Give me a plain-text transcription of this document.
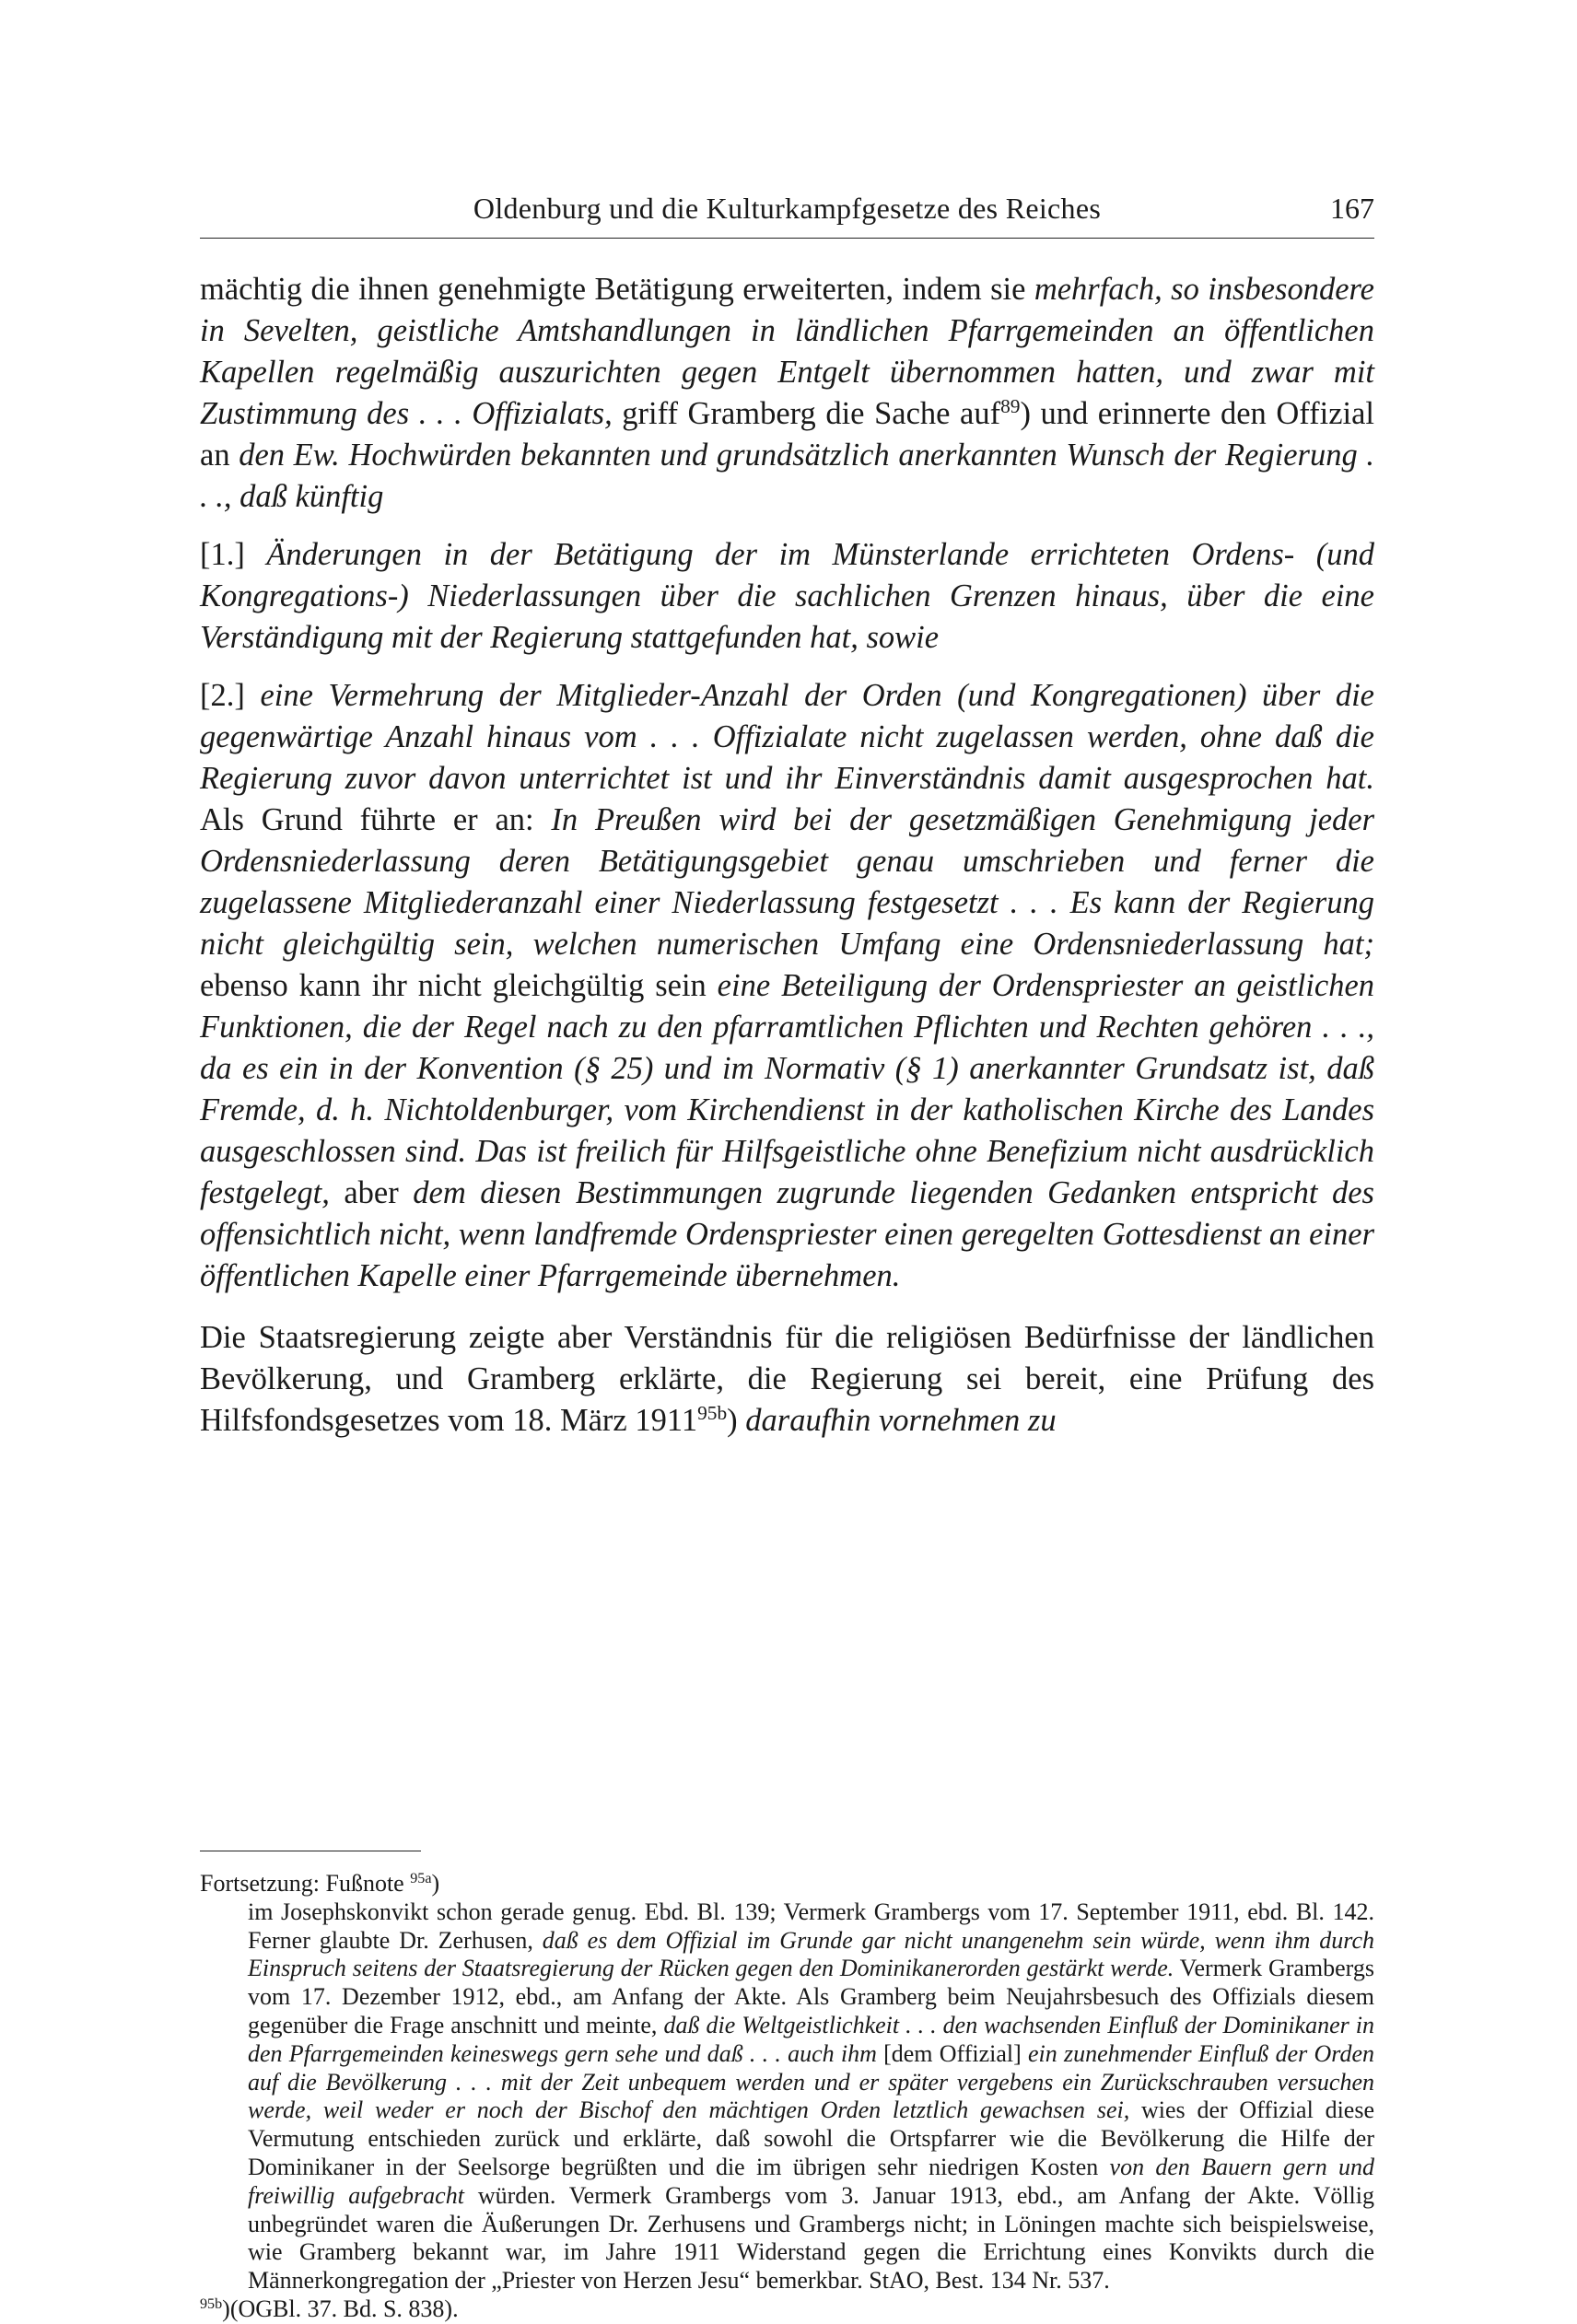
Oldenburg und die Kulturkampfgesetze des Reiches	167

mächtig die ihnen genehmigte Betätigung erweiterten, indem sie mehrfach, so insbesondere in Sevelten, geistliche Amtshandlungen in ländlichen Pfarrgemeinden an öffentlichen Kapellen regelmäßig auszurichten gegen Entgelt übernommen hatten, und zwar mit Zustimmung des . . . Offizialats, griff Gramberg die Sache auf$^{89}$) und erinnerte den Offizial an den Ew. Hochwürden bekannten und grundsätzlich anerkannten Wunsch der Regierung . . ., daß künftig

[1.] Änderungen in der Betätigung der im Münsterlande errichteten Ordens- (und Kongregations-) Niederlassungen über die sachlichen Grenzen hinaus, über die eine Verständigung mit der Regierung stattgefunden hat, sowie

[2.] eine Vermehrung der Mitglieder-Anzahl der Orden (und Kongregationen) über die gegenwärtige Anzahl hinaus vom . . . Offizialate nicht zugelassen werden, ohne daß die Regierung zuvor davon unterrichtet ist und ihr Einverständnis damit ausgesprochen hat. Als Grund führte er an: In Preußen wird bei der gesetzmäßigen Genehmigung jeder Ordensniederlassung deren Betätigungsgebiet genau umschrieben und ferner die zugelassene Mitgliederanzahl einer Niederlassung festgesetzt . . . Es kann der Regierung nicht gleichgültig sein, welchen numerischen Umfang eine Ordensniederlassung hat; ebenso kann ihr nicht gleichgültig sein eine Beteiligung der Ordenspriester an geistlichen Funktionen, die der Regel nach zu den pfarramtlichen Pflichten und Rechten gehören . . ., da es ein in der Konvention (§ 25) und im Normativ (§ 1) anerkannter Grundsatz ist, daß Fremde, d. h. Nichtoldenburger, vom Kirchendienst in der katholischen Kirche des Landes ausgeschlossen sind. Das ist freilich für Hilfsgeistliche ohne Benefizium nicht ausdrücklich festgelegt, aber dem diesen Bestimmungen zugrunde liegenden Gedanken entspricht des offensichtlich nicht, wenn landfremde Ordenspriester einen geregelten Gottesdienst an einer öffentlichen Kapelle einer Pfarrgemeinde übernehmen.

Die Staatsregierung zeigte aber Verständnis für die religiösen Bedürfnisse der ländlichen Bevölkerung, und Gramberg erklärte, die Regierung sei bereit, eine Prüfung des Hilfsfondsgesetzes vom 18. März $1911^{95b}$) daraufhin vornehmen zu

Fortsetzung: Fußnote $^{95a}$)

im Josephskonvikt schon gerade genug. Ebd. Bl. 139; Vermerk Grambergs vom 17. September 1911, ebd. Bl. 142. Ferner glaubte Dr. Zerhusen, daß es dem Offizial im Grunde gar nicht unangenehm sein würde, wenn ihm durch Einspruch seitens der Staatsregierung der Rücken gegen den Dominikanerorden gestärkt werde. Vermerk Grambergs vom 17. Dezember 1912, ebd., am Anfang der Akte. Als Gramberg beim Neujahrsbesuch des Offizials diesem gegenüber die Frage anschnitt und meinte, daß die Weltgeistlichkeit . . . den wachsenden Einfluß der Dominikaner in den Pfarrgemeinden keineswegs gern sehe und daß . . . auch ihm [dem Offizial] ein zunehmender Einfluß der Orden auf die Bevölkerung . . . mit der Zeit unbequem werden und er später vergebens ein Zurückschrauben versuchen werde, weil weder er noch der Bischof den mächtigen Orden letztlich gewachsen sei, wies der Offizial diese Vermutung entschieden zurück und erklärte, daß sowohl die Ortspfarrer wie die Bevölkerung die Hilfe der Dominikaner in der Seelsorge begrüßten und die im übrigen sehr niedrigen Kosten von den Bauern gern und freiwillig aufgebracht würden. Vermerk Grambergs vom 3. Januar 1913, ebd., am Anfang der Akte. Völlig unbegründet waren die Äußerungen Dr. Zerhusens und Grambergs nicht; in Löningen machte sich beispielsweise, wie Gramberg bekannt war, im Jahre 1911 Widerstand gegen die Errichtung eines Konvikts durch die Männerkongregation der „Priester von Herzen Jesu“ bemerkbar. StAO, Best. 134 Nr. 537.

$^{95b}$)(OGBl. 37. Bd. S. 838).
